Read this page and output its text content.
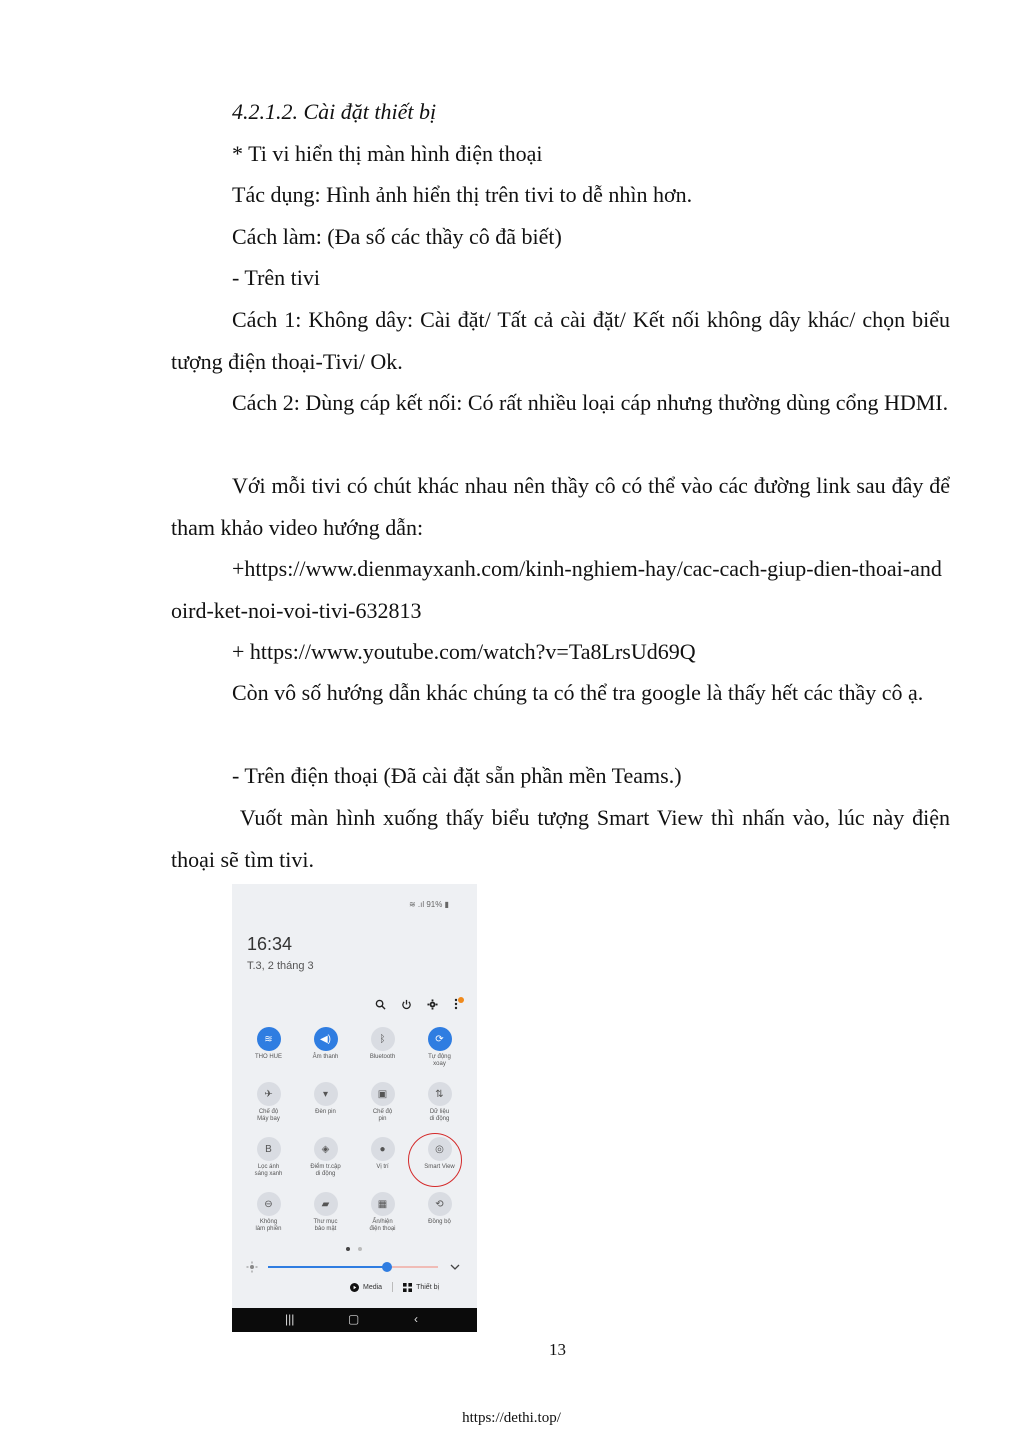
4.2.1.2. Cài đặt thiết bị

* Ti vi hiển thị màn hình điện thoại

Tác dụng: Hình ảnh hiển thị trên tivi to dễ nhìn hơn.

Cách làm: (Đa số các thầy cô đã biết)

- Trên tivi

Cách 1: Không dây: Cài đặt/ Tất cả cài đặt/ Kết nối không dây khác/ chọn biểu tượng điện thoại-Tivi/ Ok.

Cách 2: Dùng cáp kết nối: Có rất nhiều loại cáp nhưng thường dùng cổng HDMI.

Với mỗi tivi có chút khác nhau nên thầy cô có thể vào các đường link sau đây để tham khảo video hướng dẫn:

+https://www.dienmayxanh.com/kinh-nghiem-hay/cac-cach-giup-dien-thoai-andoird-ket-noi-voi-tivi-632813

+ https://www.youtube.com/watch?v=Ta8LrsUd69Q

Còn vô số hướng dẫn khác chúng ta có thể tra google là thấy hết các thầy cô ạ.

- Trên điện thoại (Đã cài đặt sẵn phần mền Teams.)

Vuốt màn hình xuống thấy biểu tượng Smart View thì nhấn vào, lúc này điện thoại sẽ tìm tivi.

≋ .ıl 91% ▮
16:34
T.3, 2 tháng 3
≋
THO HUE
◀)
Âm thanh
ᛒ
Bluetooth
⟳
Tự động
xoay
✈
Chế độ
Máy bay
▾
Đèn pin
▣
Chế độ
pin
⇅
Dữ liệu
di động
B
Lọc ánh
sáng xanh
◈
Điểm tr.cập
di động
●
Vị trí
◎
Smart View
⊖
Không
làm phiền
▰
Thư mục
bảo mật
▦
Ẩn/hiện
điện thoại
⟲
Đồng bộ
Media	Thiết bị
|||	▢	‹
13
https://dethi.top/
